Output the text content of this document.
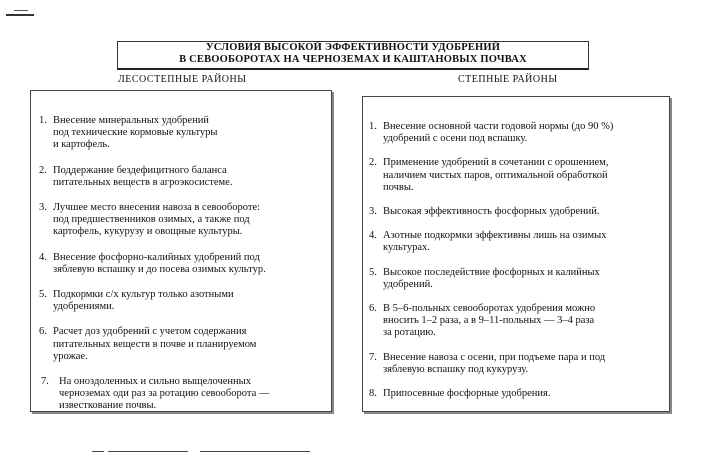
УСЛОВИЯ ВЫСОКОЙ ЭФФЕКТИВНОСТИ УДОБРЕНИЙ
В СЕВООБОРОТАХ НА ЧЕРНОЗЕМАХ И КАШТАНОВЫХ ПОЧВАХ
ЛЕСОСТЕПНЫЕ РАЙОНЫ	СТЕПНЫЕ РАЙОНЫ
1. Внесение минеральных удобрений
под технические кормовые культуры
и картофель.
2. Поддержание бездефицитного баланса
питательных веществ в агроэкосистеме.
3. Лучшее место внесения навоза в севообороте:
под предшественников озимых, а также под
картофель, кукурузу и овощные культуры.
4. Внесение фосфорно-калийных удобрений под
зяблевую вспашку и до посева озимых культур.
5. Подкормки с/х культур только азотными
удобрениями.
6. Расчет доз удобрений с учетом содержания
питательных веществ в почве и планируемом
урожае.
7. На оноздоленных и сильно выщелоченных
черноземах оди раз за ротацию севооборота —
известкование почвы.
1. Внесение основной части годовой нормы (до 90 %)
удобрений с осени под вспашку.
2. Применение удобрений в сочетании с орошением,
наличием чистых паров, оптимальной обработкой
почвы.
3. Высокая эффективность фосфорных удобрений.
4. Азотные подкормки эффективны лишь на озимых
культурах.
5. Высокое последействие фосфорных и калийных
удобрений.
6. В 5–6-польных севооборотах удобрения можно
вносить 1–2 раза, а в 9–11-польных — 3–4 раза
за ротацию.
7. Внесение навоза с осени, при подъеме пара и под
зяблевую вспашку под кукурузу.
8. Припосевные фосфорные удобрения.
